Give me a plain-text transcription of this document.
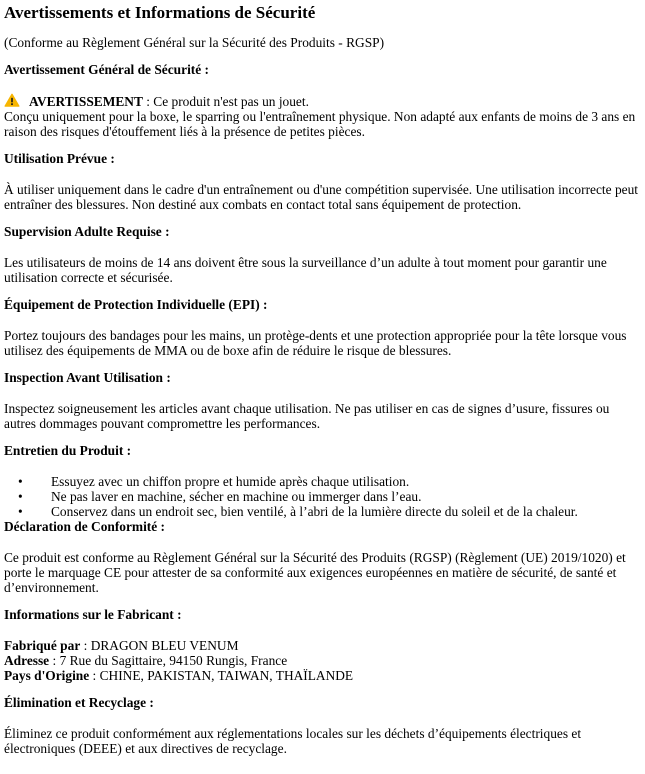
Avertissements et Informations de Sécurité
(Conforme au Règlement Général sur la Sécurité des Produits - RGSP)
Avertissement Général de Sécurité :
AVERTISSEMENT : Ce produit n'est pas un jouet.
Conçu uniquement pour la boxe, le sparring ou l'entraînement physique. Non adapté aux enfants de moins de 3 ans en raison des risques d'étouffement liés à la présence de petites pièces.
Utilisation Prévue :
À utiliser uniquement dans le cadre d'un entraînement ou d'une compétition supervisée. Une utilisation incorrecte peut entraîner des blessures. Non destiné aux combats en contact total sans équipement de protection.
Supervision Adulte Requise :
Les utilisateurs de moins de 14 ans doivent être sous la surveillance d’un adulte à tout moment pour garantir une utilisation correcte et sécurisée.
Équipement de Protection Individuelle (EPI) :
Portez toujours des bandages pour les mains, un protège-dents et une protection appropriée pour la tête lorsque vous utilisez des équipements de MMA ou de boxe afin de réduire le risque de blessures.
Inspection Avant Utilisation :
Inspectez soigneusement les articles avant chaque utilisation. Ne pas utiliser en cas de signes d’usure, fissures ou autres dommages pouvant compromettre les performances.
Entretien du Produit :
•	Essuyez avec un chiffon propre et humide après chaque utilisation.
•	Ne pas laver en machine, sécher en machine ou immerger dans l’eau.
•	Conservez dans un endroit sec, bien ventilé, à l’abri de la lumière directe du soleil et de la chaleur.
Déclaration de Conformité :
Ce produit est conforme au Règlement Général sur la Sécurité des Produits (RGSP) (Règlement (UE) 2019/1020) et porte le marquage CE pour attester de sa conformité aux exigences européennes en matière de sécurité, de santé et d’environnement.
Informations sur le Fabricant :
Fabriqué par : DRAGON BLEU VENUM
Adresse : 7 Rue du Sagittaire, 94150 Rungis, France
Pays d'Origine : CHINE, PAKISTAN, TAIWAN, THAÏLANDE
Élimination et Recyclage :
Éliminez ce produit conformément aux réglementations locales sur les déchets d’équipements électriques et électroniques (DEEE) et aux directives de recyclage.
